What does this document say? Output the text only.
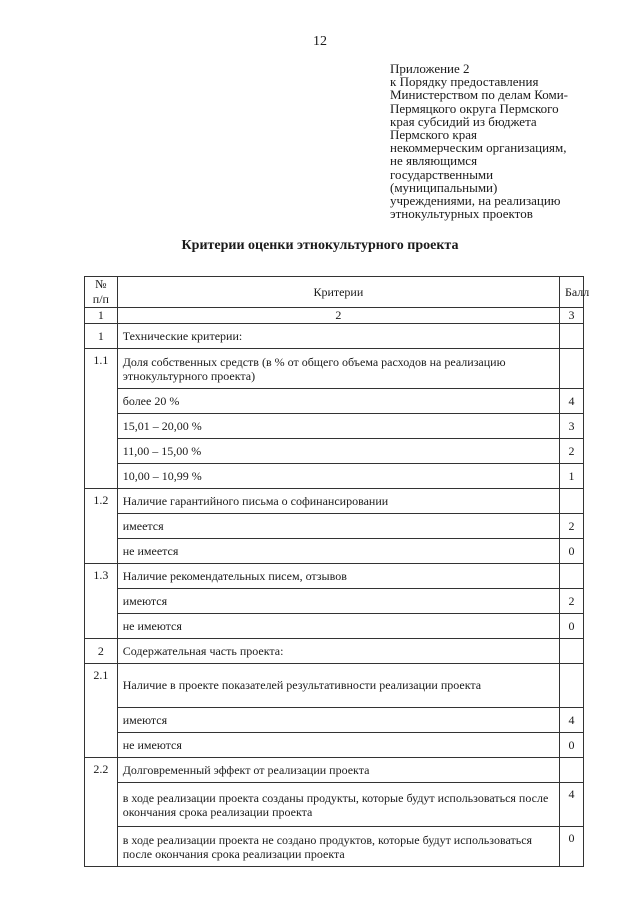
12
Приложение 2
к Порядку предоставления
Министерством по делам Коми-
Пермяцкого округа Пермского
края субсидий из бюджета
Пермского края
некоммерческим организациям,
не являющимся
государственными
(муниципальными)
учреждениями, на реализацию
этнокультурных проектов
Критерии оценки этнокультурного проекта
№ п/п	Критерии	Балл
1	2	3
1	Технические критерии:	
1.1	Доля собственных средств (в % от общего объема расходов на реализацию этнокультурного проекта)	
	более 20 %	4
	15,01 – 20,00 %	3
	11,00 – 15,00 %	2
	10,00 – 10,99 %	1
1.2	Наличие гарантийного письма о софинансировании	
	имеется	2
	не имеется	0
1.3	Наличие рекомендательных писем, отзывов	
	имеются	2
	не имеются	0
2	Содержательная часть проекта:	
2.1	Наличие в проекте показателей результативности реализации проекта	
	имеются	4
	не имеются	0
2.2	Долговременный эффект от реализации проекта	
	в ходе реализации проекта созданы продукты, которые будут использоваться после окончания срока реализации проекта	4
	в ходе реализации проекта не создано продуктов, которые будут использоваться после окончания срока реализации проекта	0
